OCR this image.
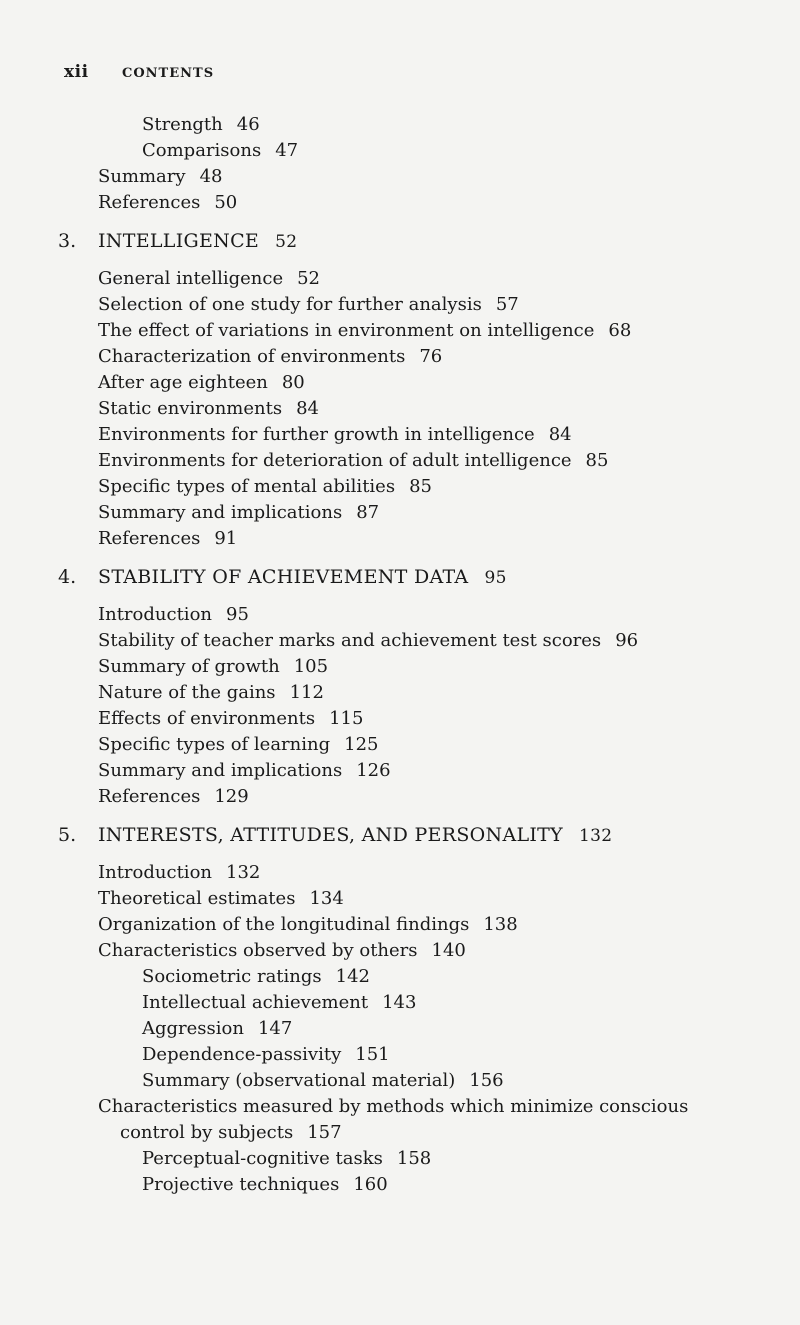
xii	CONTENTS
Strength 46
Comparisons 47
Summary 48
References 50
3. INTELLIGENCE 52
General intelligence 52
Selection of one study for further analysis 57
The effect of variations in environment on intelligence 68
Characterization of environments 76
After age eighteen 80
Static environments 84
Environments for further growth in intelligence 84
Environments for deterioration of adult intelligence 85
Specific types of mental abilities 85
Summary and implications 87
References 91
4. STABILITY OF ACHIEVEMENT DATA 95
Introduction 95
Stability of teacher marks and achievement test scores 96
Summary of growth 105
Nature of the gains 112
Effects of environments 115
Specific types of learning 125
Summary and implications 126
References 129
5. INTERESTS, ATTITUDES, AND PERSONALITY 132
Introduction 132
Theoretical estimates 134
Organization of the longitudinal findings 138
Characteristics observed by others 140
Sociometric ratings 142
Intellectual achievement 143
Aggression 147
Dependence-passivity 151
Summary (observational material) 156
Characteristics measured by methods which minimize conscious
control by subjects 157
Perceptual-cognitive tasks 158
Projective techniques 160
